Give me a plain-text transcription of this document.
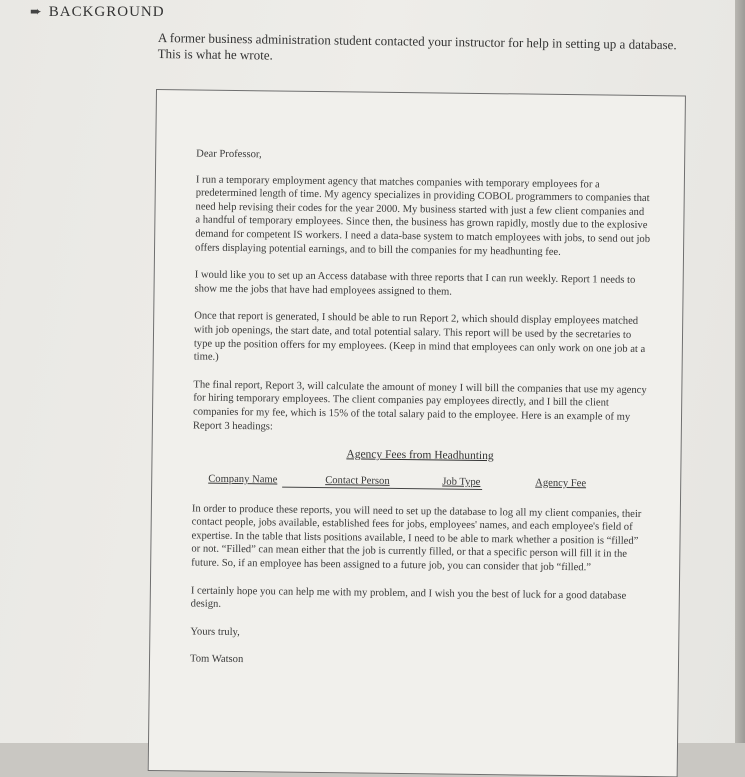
➨ BACKGROUND
A former business administration student contacted your instructor for help in setting up a database. This is what he wrote.

Dear Professor,

I run a temporary employment agency that matches companies with temporary employees for a predetermined length of time. My agency specializes in providing COBOL programmers to companies that need help revising their codes for the year 2000. My business started with just a few client companies and a handful of temporary employees. Since then, the business has grown rapidly, mostly due to the explosive demand for competent IS workers. I need a data-base system to match employees with jobs, to send out job offers displaying potential earnings, and to bill the companies for my headhunting fee.

I would like you to set up an Access database with three reports that I can run weekly. Report 1 needs to show me the jobs that have had employees assigned to them.

Once that report is generated, I should be able to run Report 2, which should display employees matched with job openings, the start date, and total potential salary. This report will be used by the secretaries to type up the position offers for my employees. (Keep in mind that employees can only work on one job at a time.)

The final report, Report 3, will calculate the amount of money I will bill the companies that use my agency for hiring temporary employees. The client companies pay employees directly, and I bill the client companies for my fee, which is 15% of the total salary paid to the employee. Here is an example of my Report 3 headings:

Agency Fees from Headhunting
Company Name	Contact Person	Job Type	Agency Fee

In order to produce these reports, you will need to set up the database to log all my client companies, their contact people, jobs available, established fees for jobs, employees' names, and each employee's field of expertise. In the table that lists positions available, I need to be able to mark whether a position is “filled” or not. “Filled” can mean either that the job is currently filled, or that a specific person will fill it in the future. So, if an employee has been assigned to a future job, you can consider that job “filled.”

I certainly hope you can help me with my problem, and I wish you the best of luck for a good database design.

Yours truly,

Tom Watson
